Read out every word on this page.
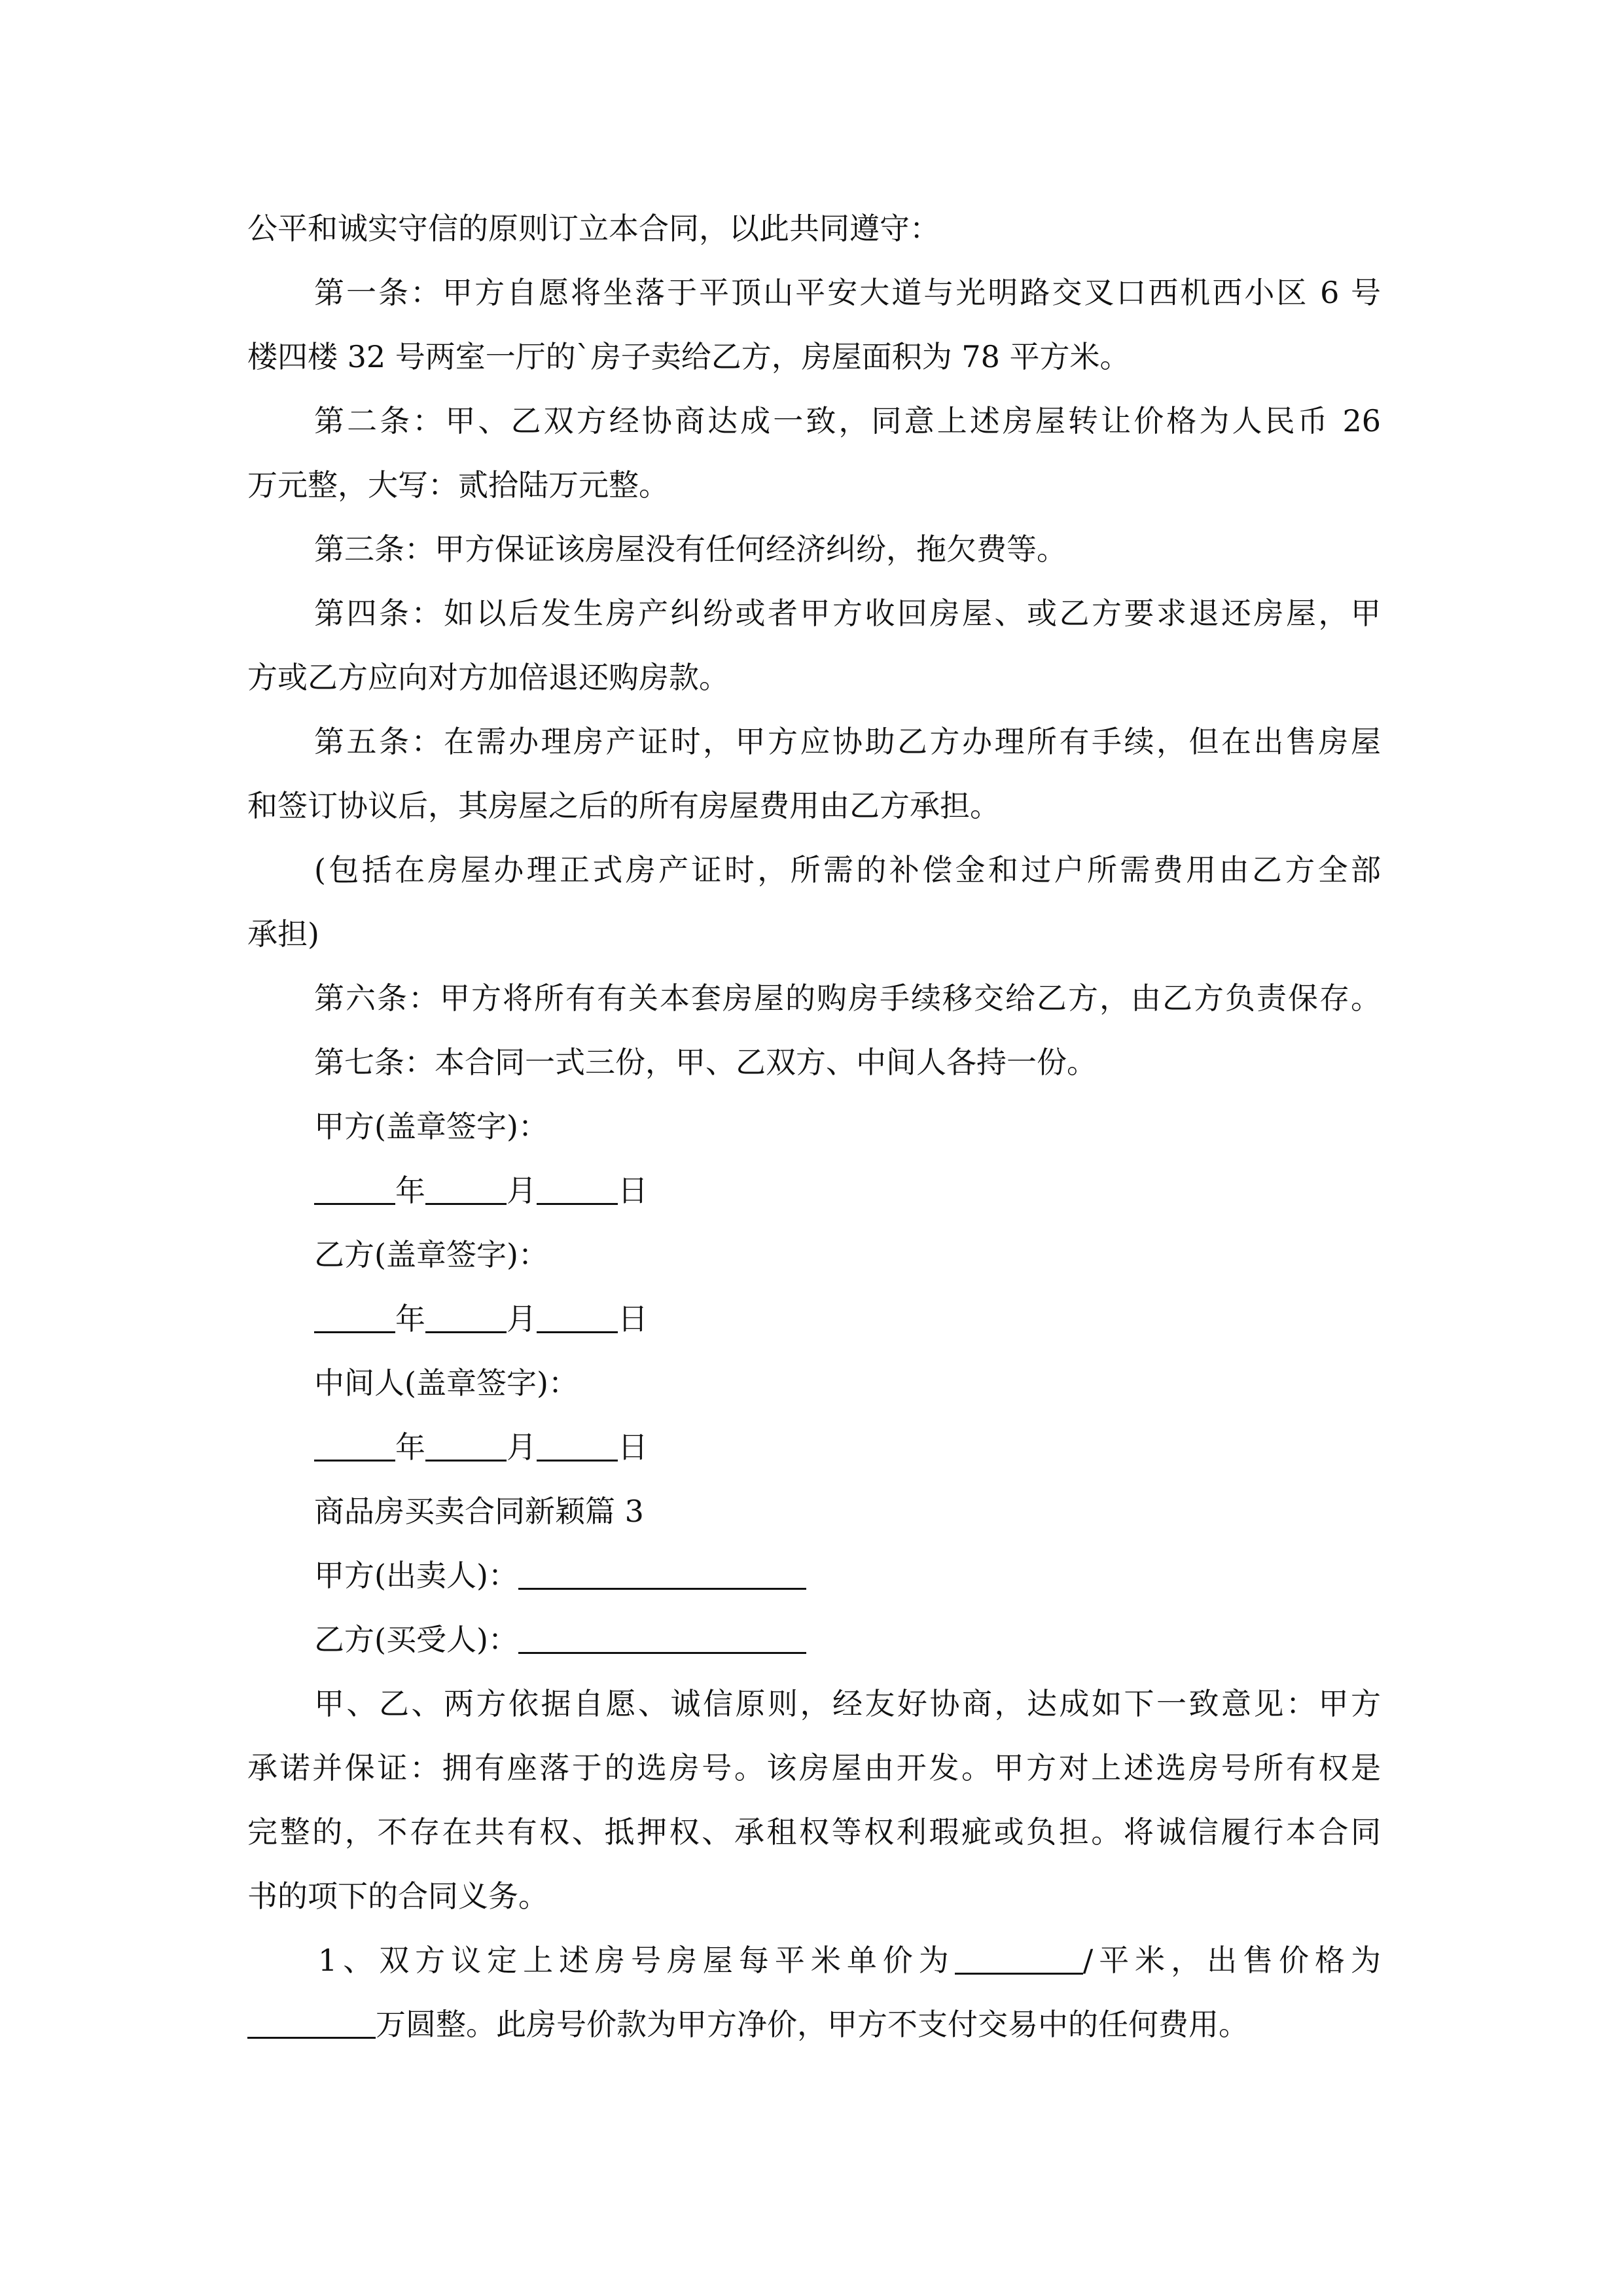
公平和诚实守信的原则订立本合同，以此共同遵守：
第一条：甲方自愿将坐落于平顶山平安大道与光明路交叉口西机西小区 6 号
楼四楼 32 号两室一厅的`房子卖给乙方，房屋面积为 78 平方米。
第二条：甲、乙双方经协商达成一致，同意上述房屋转让价格为人民币 26
万元整，大写：贰拾陆万元整。
第三条：甲方保证该房屋没有任何经济纠纷，拖欠费等。
第四条：如以后发生房产纠纷或者甲方收回房屋、或乙方要求退还房屋，甲
方或乙方应向对方加倍退还购房款。
第五条：在需办理房产证时，甲方应协助乙方办理所有手续，但在出售房屋
和签订协议后，其房屋之后的所有房屋费用由乙方承担。
(包括在房屋办理正式房产证时，所需的补偿金和过户所需费用由乙方全部
承担)
第六条：甲方将所有有关本套房屋的购房手续移交给乙方，由乙方负责保存。
第七条：本合同一式三份，甲、乙双方、中间人各持一份。
甲方(盖章签字)：
年	月	日
乙方(盖章签字)：
年	月	日
中间人(盖章签字)：
年	月	日
商品房买卖合同新颖篇 3
甲方(出卖人)：
乙方(买受人)：
甲、乙、两方依据自愿、诚信原则，经友好协商，达成如下一致意见：甲方
承诺并保证：拥有座落于的选房号。该房屋由开发。甲方对上述选房号所有权是
完整的，不存在共有权、抵押权、承租权等权利瑕疵或负担。将诚信履行本合同
书的项下的合同义务。
1、双方议定上述房号房屋每平米单价为	/平米，出售价格为
万圆整。此房号价款为甲方净价，甲方不支付交易中的任何费用。
